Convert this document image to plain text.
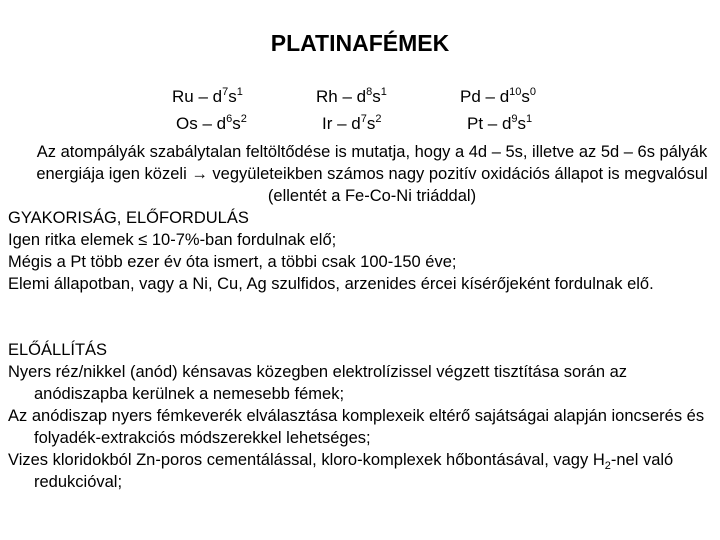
PLATINAFÉMEK
Ru – $d^7s^1$	Rh – $d^8s^1$	Pd – $d^{10}s^0$
Os – $d^6s^2$	Ir – $d^7s^2$	Pt – $d^9s^1$

Az atompályák szabálytalan feltöltődése is mutatja, hogy a 4d – 5s, illetve az 5d – 6s pályák energiája igen közeli → vegyületeikben számos nagy pozitív oxidációs állapot is megvalósul (ellentét a Fe-Co-Ni triáddal)

GYAKORISÁG, ELŐFORDULÁS

Igen ritka elemek ≤ 10-7%-ban fordulnak elő;
Mégis a Pt több ezer év óta ismert, a többi csak 100-150 éve;
Elemi állapotban, vagy a Ni, Cu, Ag szulfidos, arzenides ércei kísérőjeként fordulnak elő.

ELŐÁLLÍTÁS

Nyers réz/nikkel (anód) kénsavas közegben elektrolízissel végzett tisztítása során az anódiszapba kerülnek a nemesebb fémek;
Az anódiszap nyers fémkeverék elválasztása komplexeik eltérő sajátságai alapján ioncserés és folyadék-extrakciós módszerekkel lehetséges;
Vizes kloridokból Zn-poros cementálással, kloro-komplexek hőbontásával, vagy $H_2$-nel való redukcióval;
